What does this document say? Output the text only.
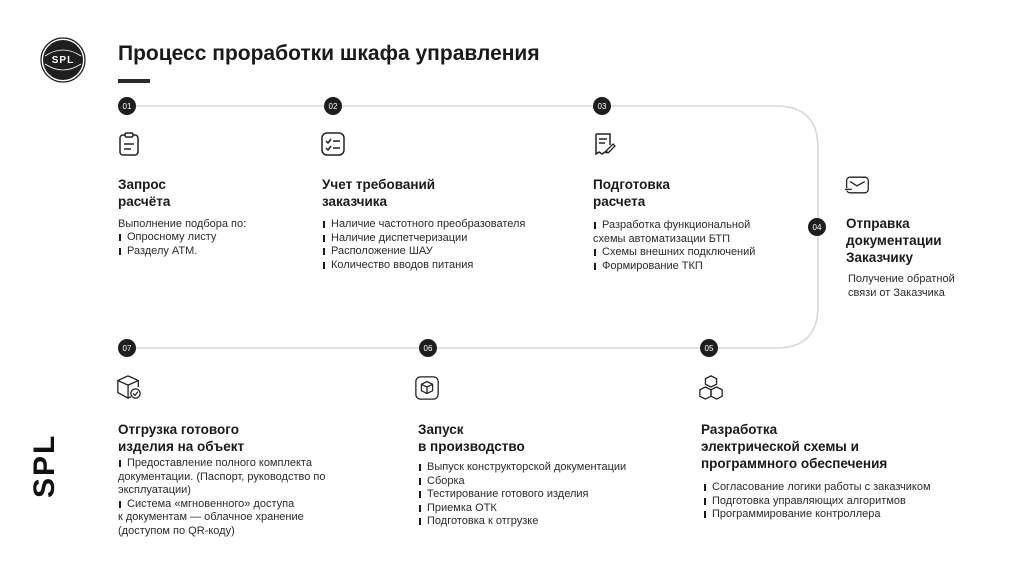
SPL Процесс проработки шкафа управления
SPL
01
Запрос
расчёта
Выполнение подбора по:
Опросному листу
Разделу АТМ.
02
Учет требований
заказчика
Наличие частотного преобразователя
Наличие диспетчеризации
Расположение ШАУ
Количество вводов питания
03
Подготовка
расчета
Разработка функциональной
схемы автоматизации БТП
Схемы внешних подключений
Формирование ТКП
04	Отправка
документации
Заказчику
Получение обратной
связи от Заказчика
05
Разработка
электрической схемы и
программного обеспечения
Согласование логики работы с заказчиком
Подготовка управляющих алгоритмов
Программирование контроллера
06
Запуск
в производство
Выпуск конструкторской документации
Сборка
Тестирование готового изделия
Приемка ОТК
Подготовка к отгрузке
07
Отгрузка готового
изделия на объект
Предоставление полного комплекта
документации. (Паспорт, руководство по
эксплуатации)
Система «мгновенного» доступа
к документам — облачное хранение
(доступом по QR-коду)
